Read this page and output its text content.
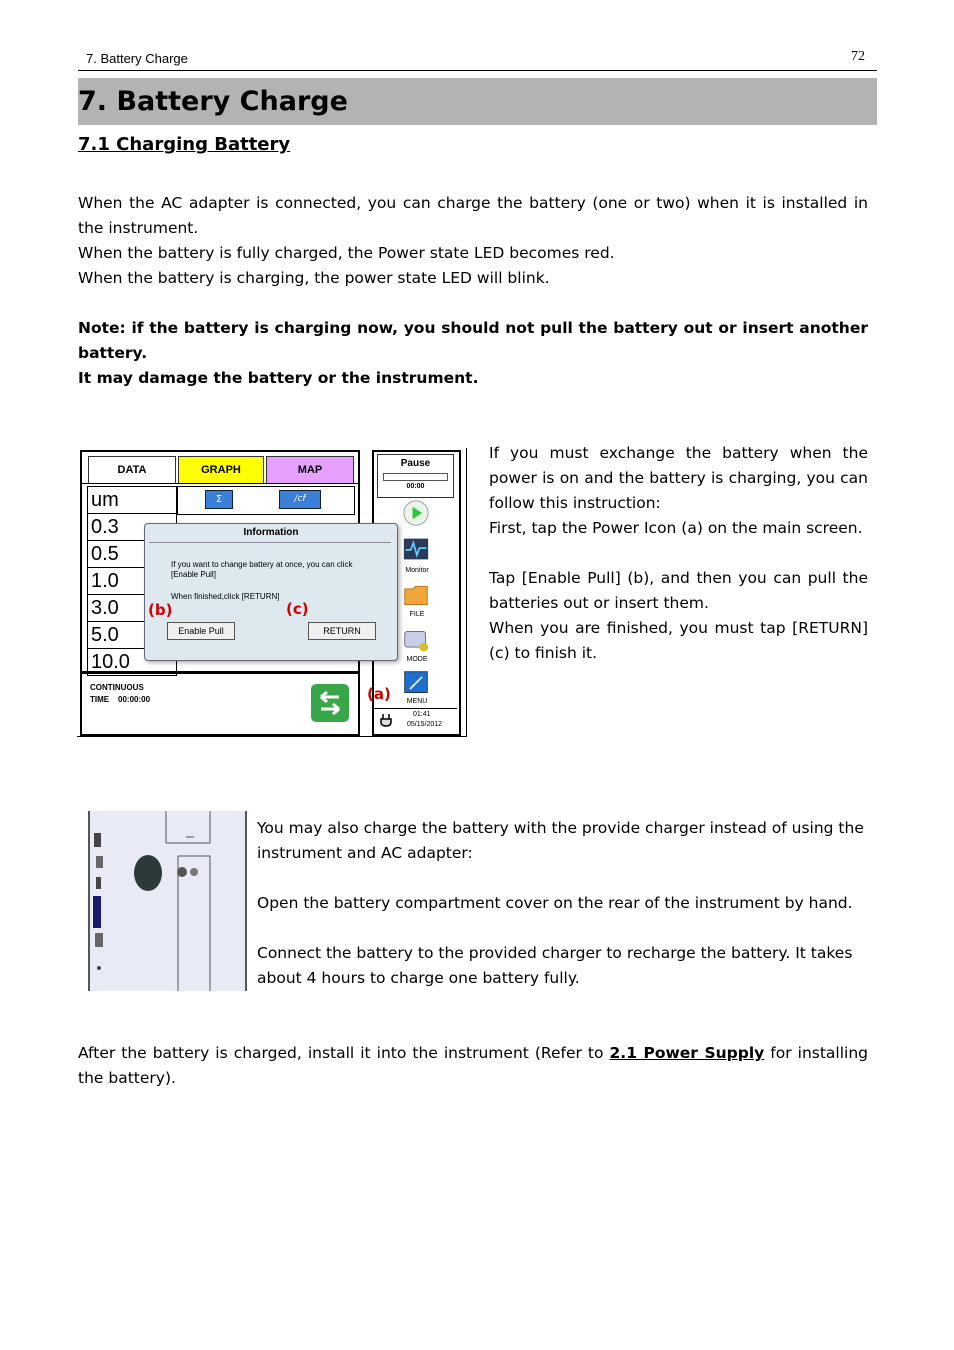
7. Battery Charge	72
7. Battery Charge
7.1 Charging Battery
When the AC adapter is connected, you can charge the battery (one or two) when it is installed in the instrument.
When the battery is fully charged, the Power state LED becomes red.
When the battery is charging, the power state LED will blink.
Note: if the battery is charging now, you should not pull the battery out or insert another battery.
It may damage the battery or the instrument.
DATA	GRAPH	MAP
um
0.3
0.5
1.0
3.0
5.0
10.0
Σ	/cf
CONTINUOUS
TIME 00:00:00
Pause
00:00
Monitor
FILE
MODE
MENU
01:41
05/15/2012
Information
If you want to change battery at once, you can click [Enable Pull]
When finished,click [RETURN]
Enable Pull	RETURN
(b)	(c)
(a)
If you must exchange the battery when the power is on and the battery is charging, you can follow this instruction:
First, tap the Power Icon (a) on the main screen.
Tap [Enable Pull] (b), and then you can pull the batteries out or insert them.
When you are finished, you must tap [RETURN] (c) to finish it.
You may also charge the battery with the provide charger instead of using the instrument and AC adapter:
Open the battery compartment cover on the rear of the instrument by hand.
Connect the battery to the provided charger to recharge the battery. It takes about 4 hours to charge one battery fully.
After the battery is charged, install it into the instrument (Refer to 2.1 Power Supply for installing the battery).
